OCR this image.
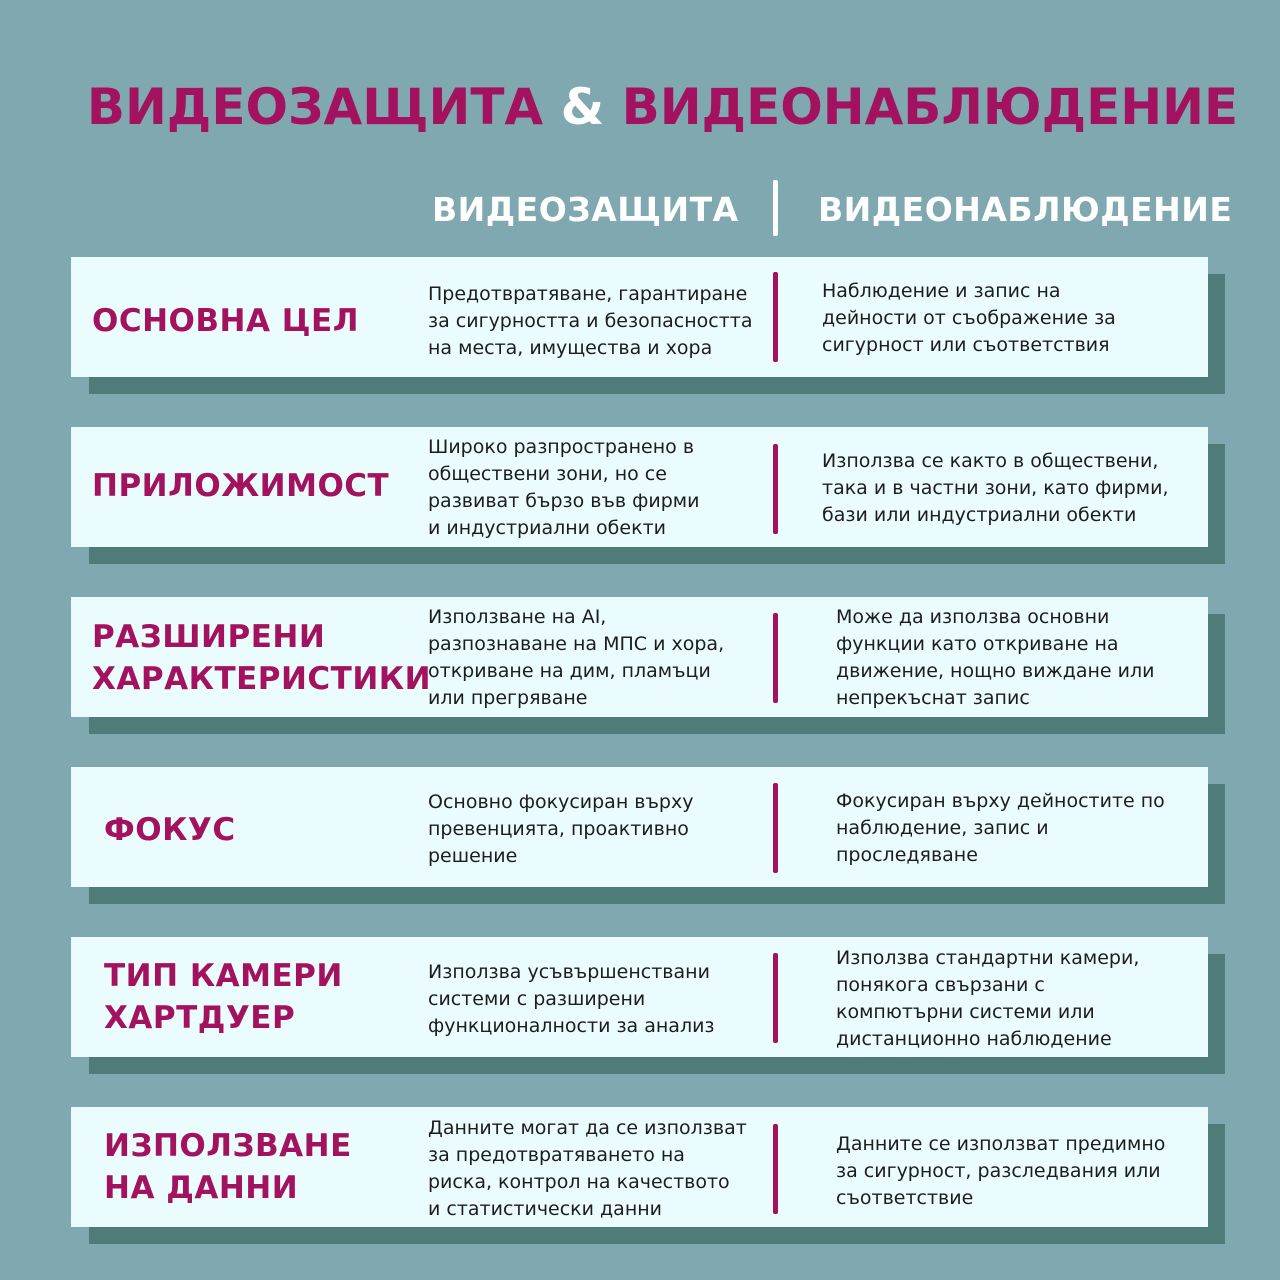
ВИДЕОЗАЩИТА & ВИДЕОНАБЛЮДЕНИЕ
ВИДЕОЗАЩИТА ВИДЕОНАБЛЮДЕНИЕ
ОСНОВНА ЦЕЛ
Предотвратяване, гарантиране
за сигурността и безопасността
на места, имущества и хора
Наблюдение и запис на
дейности от съображение за
сигурност или съответствия
ПРИЛОЖИМОСТ
Широко разпространено в
обществени зони, но се
развиват бързо във фирми
и индустриални обекти
Използва се както в обществени,
така и в частни зони, като фирми,
бази или индустриални обекти
РАЗШИРЕНИ
ХАРАКТЕРИСТИКИ
Използване на AI,
разпознаване на МПС и хора,
откриване на дим, пламъци
или прегряване
Може да използва основни
функции като откриване на
движение, нощно виждане или
непрекъснат запис
ФОКУС
Основно фокусиран върху
превенцията, проактивно
решение
Фокусиран върху дейностите по
наблюдение, запис и
проследяване
ТИП КАМЕРИ
ХАРТДУЕР
Използва усъвършенствани
системи с разширени
функционалности за анализ
Използва стандартни камери,
понякога свързани с
компютърни системи или
дистанционно наблюдение
ИЗПОЛЗВАНЕ
НА ДАННИ
Данните могат да се използват
за предотвратяването на
риска, контрол на качеството
и статистически данни
Данните се използват предимно
за сигурност, разследвания или
съответствие
